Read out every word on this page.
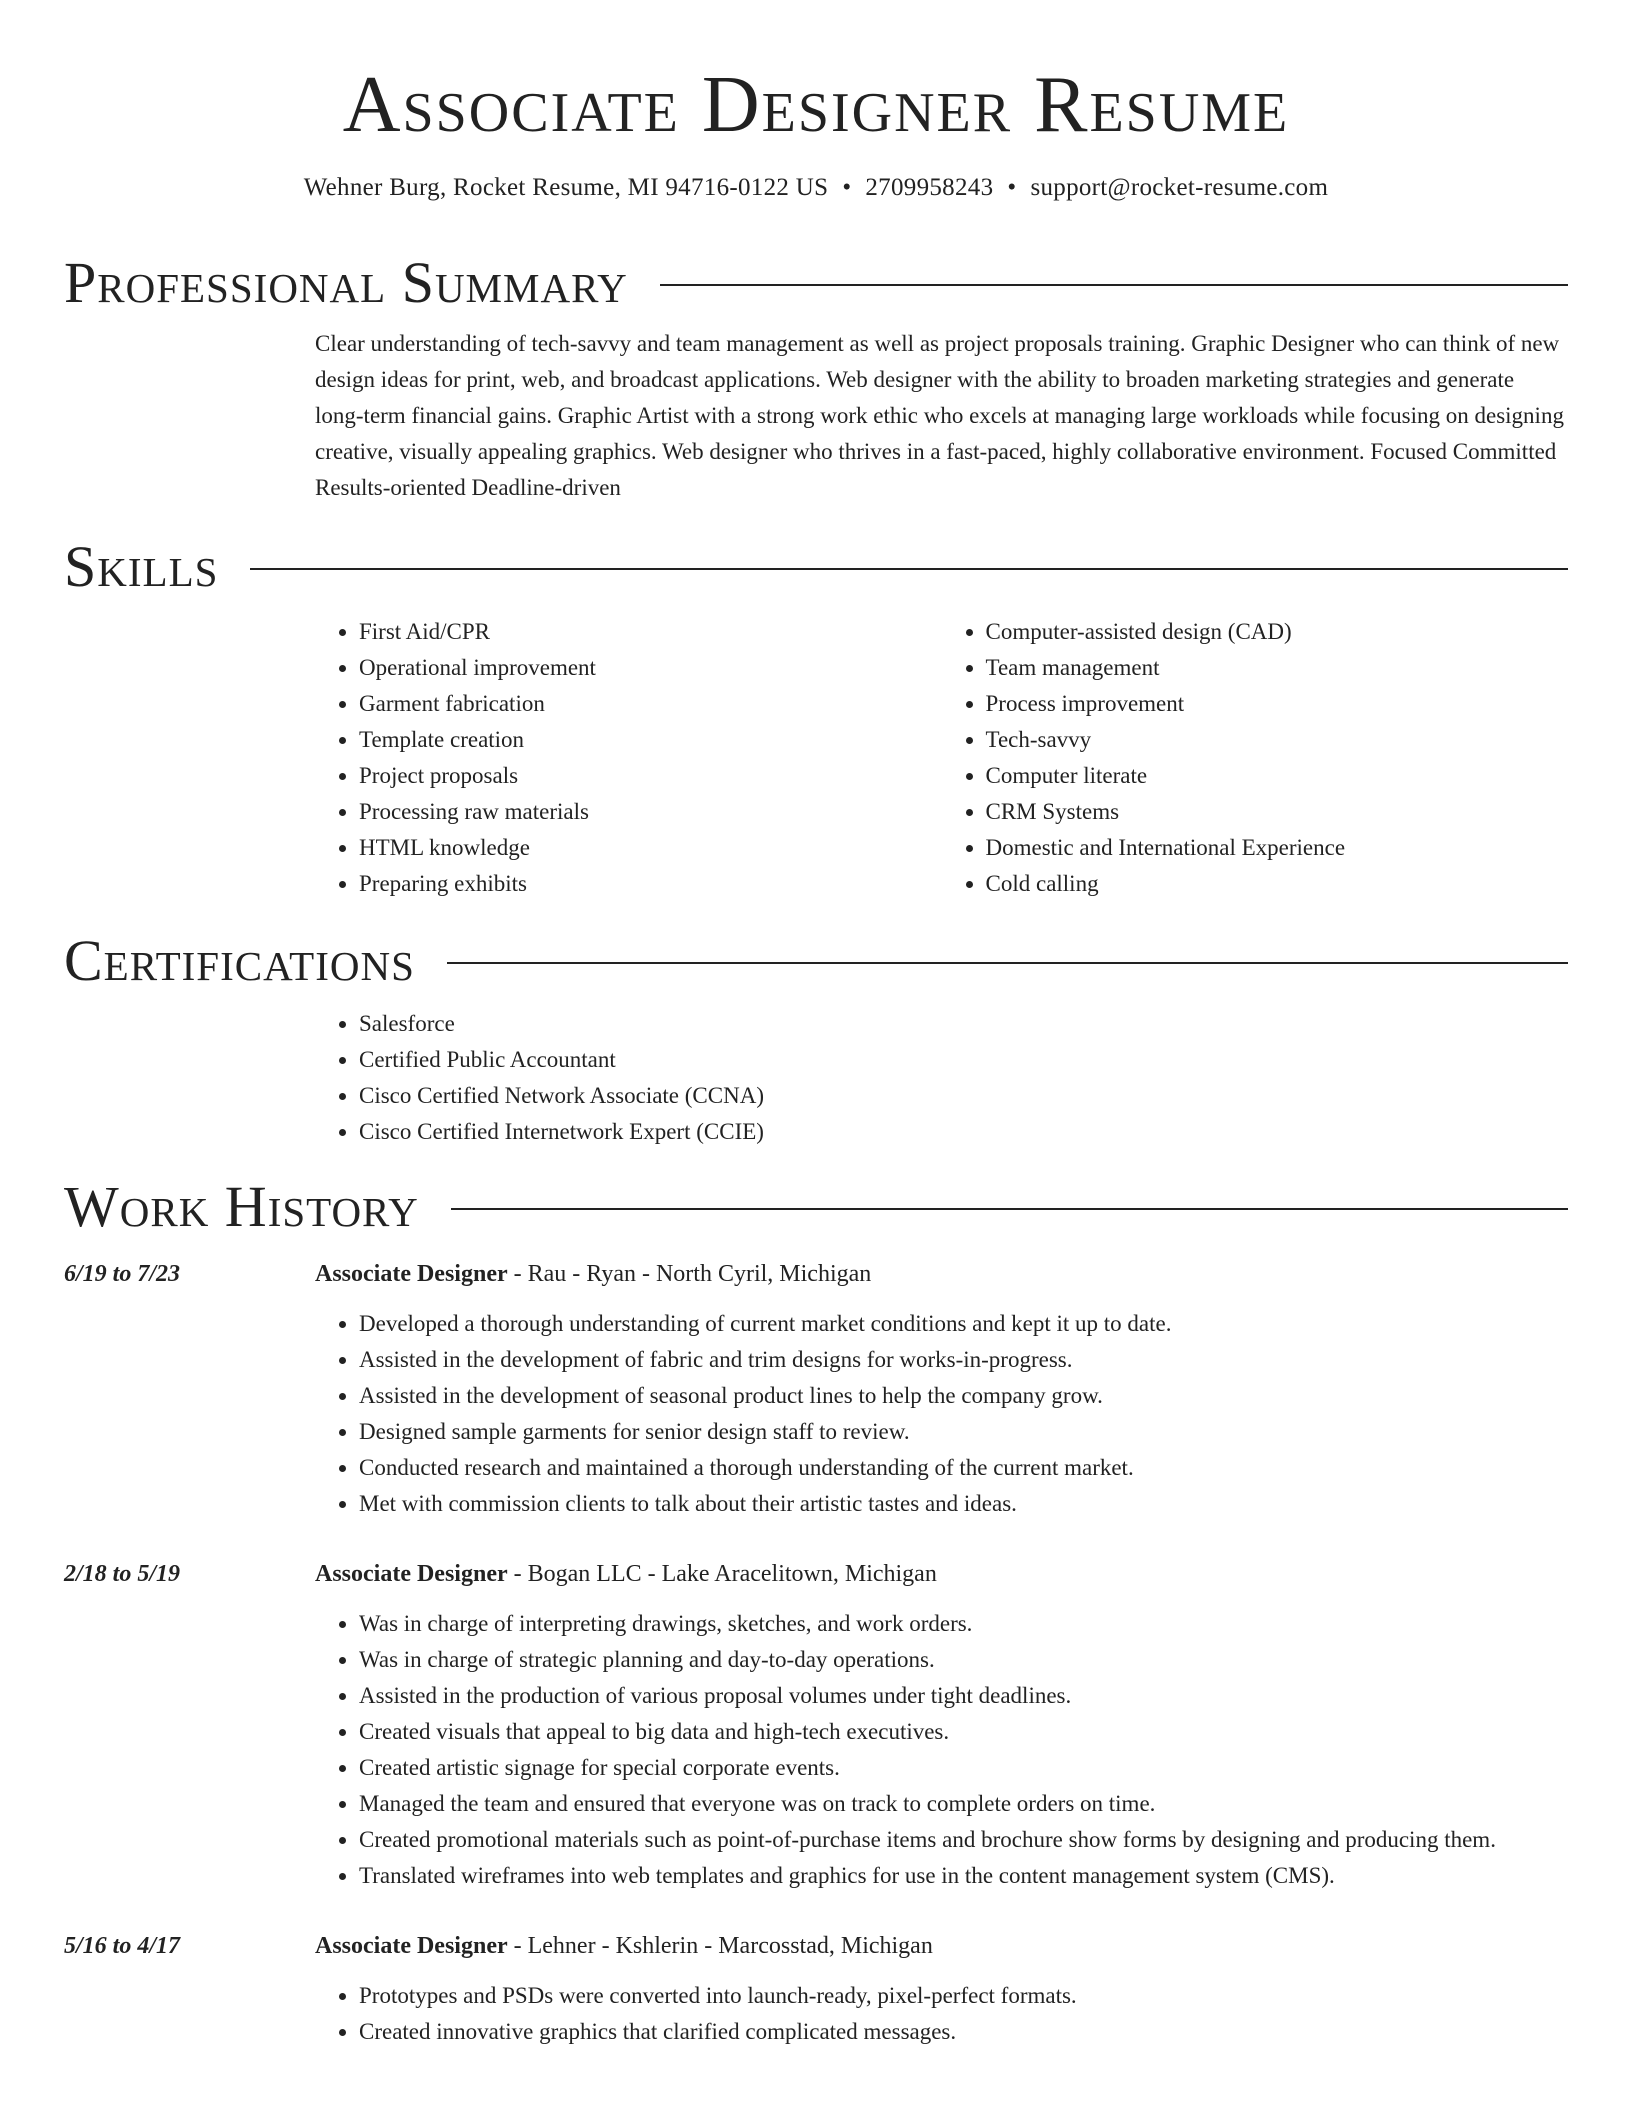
Associate Designer Resume
Wehner Burg, Rocket Resume, MI 94716-0122 US • 2709958243 • support@rocket-resume.com
Professional Summary
Clear understanding of tech-savvy and team management as well as project proposals training. Graphic Designer who can think of new design ideas for print, web, and broadcast applications. Web designer with the ability to broaden marketing strategies and generate long-term financial gains. Graphic Artist with a strong work ethic who excels at managing large workloads while focusing on designing creative, visually appealing graphics. Web designer who thrives in a fast-paced, highly collaborative environment. Focused Committed Results-oriented Deadline-driven
Skills
• First Aid/CPR
• Operational improvement
• Garment fabrication
• Template creation
• Project proposals
• Processing raw materials
• HTML knowledge
• Preparing exhibits
• Computer-assisted design (CAD)
• Team management
• Process improvement
• Tech-savvy
• Computer literate
• CRM Systems
• Domestic and International Experience
• Cold calling
Certifications
• Salesforce
• Certified Public Accountant
• Cisco Certified Network Associate (CCNA)
• Cisco Certified Internetwork Expert (CCIE)
Work History
6/19 to 7/23	Associate Designer - Rau - Ryan - North Cyril, Michigan
• Developed a thorough understanding of current market conditions and kept it up to date.
• Assisted in the development of fabric and trim designs for works-in-progress.
• Assisted in the development of seasonal product lines to help the company grow.
• Designed sample garments for senior design staff to review.
• Conducted research and maintained a thorough understanding of the current market.
• Met with commission clients to talk about their artistic tastes and ideas.
2/18 to 5/19	Associate Designer - Bogan LLC - Lake Aracelitown, Michigan
• Was in charge of interpreting drawings, sketches, and work orders.
• Was in charge of strategic planning and day-to-day operations.
• Assisted in the production of various proposal volumes under tight deadlines.
• Created visuals that appeal to big data and high-tech executives.
• Created artistic signage for special corporate events.
• Managed the team and ensured that everyone was on track to complete orders on time.
• Created promotional materials such as point-of-purchase items and brochure show forms by designing and producing them.
• Translated wireframes into web templates and graphics for use in the content management system (CMS).
5/16 to 4/17	Associate Designer - Lehner - Kshlerin - Marcosstad, Michigan
• Prototypes and PSDs were converted into launch-ready, pixel-perfect formats.
• Created innovative graphics that clarified complicated messages.
